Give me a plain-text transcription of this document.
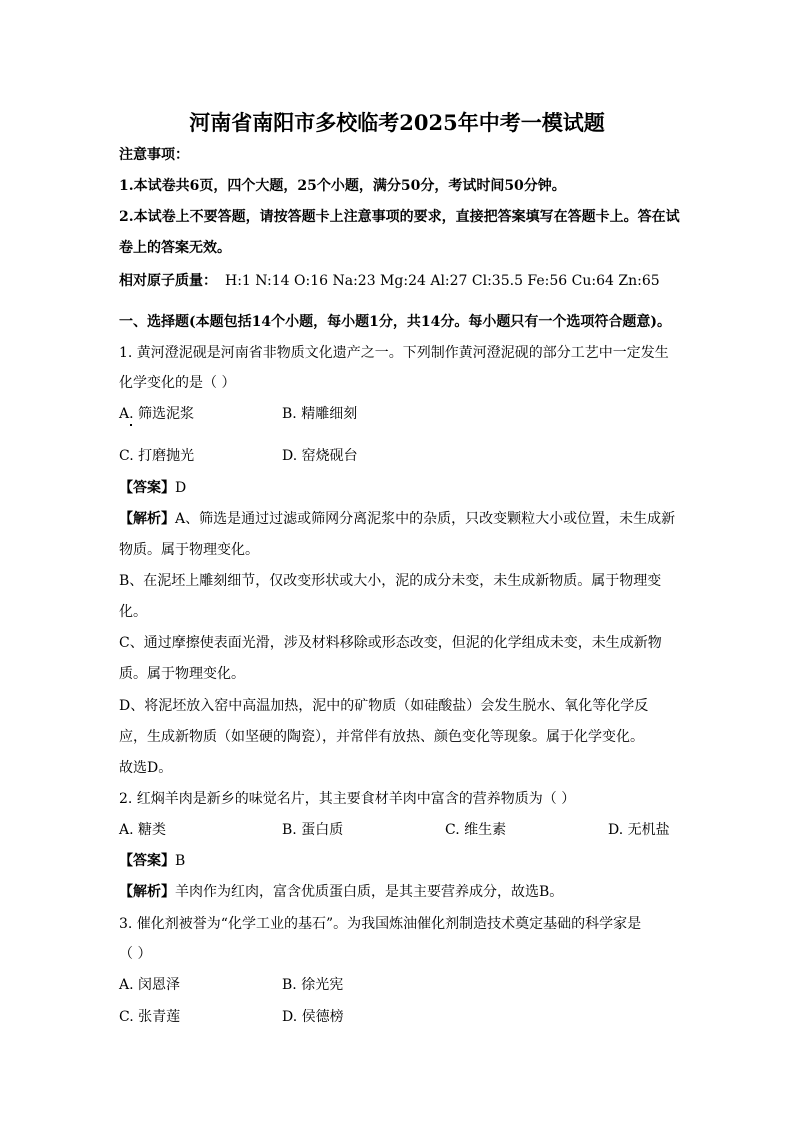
河南省南阳市多校临考2025年中考一模试题
注意事项：
1.本试卷共6页，四个大题，25个小题，满分50分，考试时间50分钟。
2.本试卷上不要答题，请按答题卡上注意事项的要求，直接把答案填写在答题卡上。答在试
卷上的答案无效。
相对原子质量： H:1 N:14 O:16 Na:23 Mg:24 Al:27 Cl:35.5 Fe:56 Cu:64 Zn:65
一、选择题(本题包括14个小题，每小题1分，共14分。每小题只有一个选项符合题意)。
1. 黄河澄泥砚是河南省非物质文化遗产之一。下列制作黄河澄泥砚的部分工艺中一定发生
化学变化的是（ ）
A. 筛选泥浆	B. 精雕细刻
C. 打磨抛光	D. 窑烧砚台
【答案】D
【解析】A、筛选是通过过滤或筛网分离泥浆中的杂质，只改变颗粒大小或位置，未生成新
物质。属于物理变化。
B、在泥坯上雕刻细节，仅改变形状或大小，泥的成分未变，未生成新物质。属于物理变
化。
C、通过摩擦使表面光滑，涉及材料移除或形态改变，但泥的化学组成未变，未生成新物
质。属于物理变化。
D、将泥坯放入窑中高温加热，泥中的矿物质（如硅酸盐）会发生脱水、氧化等化学反
应，生成新物质（如坚硬的陶瓷），并常伴有放热、颜色变化等现象。属于化学变化。
故选D。
2. 红焖羊肉是新乡的味觉名片，其主要食材羊肉中富含的营养物质为（ ）
A. 糖类	B. 蛋白质	C. 维生素	D. 无机盐
【答案】B
【解析】羊肉作为红肉，富含优质蛋白质，是其主要营养成分，故选B。
3. 催化剂被誉为“化学工业的基石”。为我国炼油催化剂制造技术奠定基础的科学家是
（ ）
A. 闵恩泽	B. 徐光宪
C. 张青莲	D. 侯德榜
